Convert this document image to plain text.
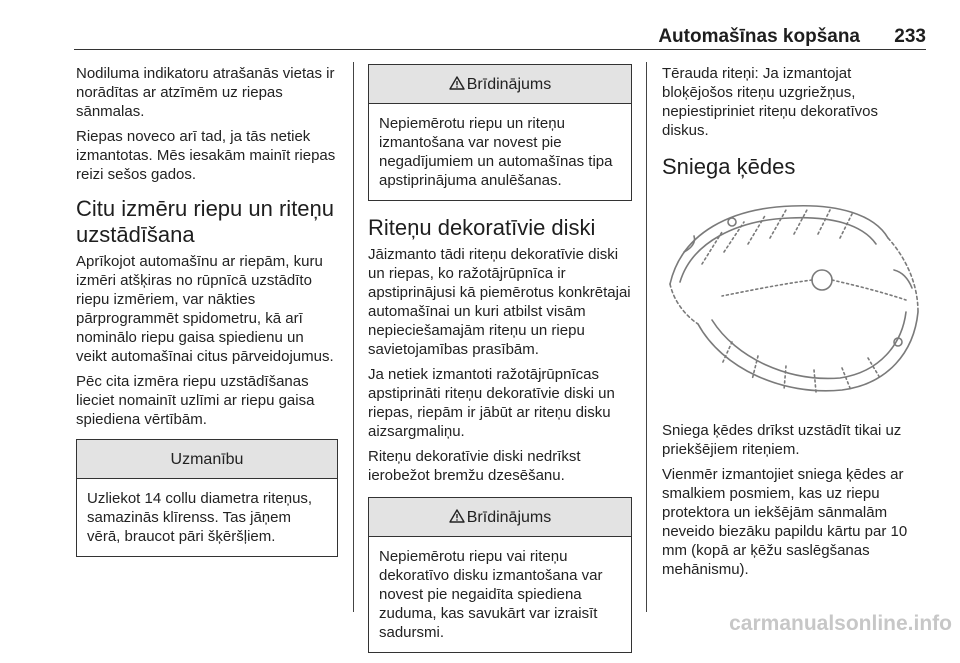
Automašīnas kopšana 233

Nodiluma indikatoru atrašanās vietas ir norādītas ar atzīmēm uz riepas sānmalas.

Riepas noveco arī tad, ja tās netiek izmantotas. Mēs iesakām mainīt riepas reizi sešos gados.

Citu izmēru riepu un riteņu uzstādīšana

Aprīkojot automašīnu ar riepām, kuru izmēri atšķiras no rūpnīcā uzstādīto riepu izmēriem, var nākties pārprogrammēt spidometru, kā arī nominālo riepu gaisa spiedienu un veikt automašīnai citus pārveidojumus.

Pēc cita izmēra riepu uzstādīšanas lieciet nomainīt uzlīmi ar riepu gaisa spiediena vērtībām.

Uzmanību
Uzliekot 14 collu diametra riteņus, samazinās klīrenss. Tas jāņem vērā, braucot pāri šķēršļiem.
Brīdinājums
Nepiemērotu riepu un riteņu izmantošana var novest pie negadījumiem un automašīnas tipa apstiprinājuma anulēšanas.
Riteņu dekoratīvie diski

Jāizmanto tādi riteņu dekoratīvie diski un riepas, ko ražotājrūpnīca ir apstiprinājusi kā piemērotus konkrētajai automašīnai un kuri atbilst visām nepieciešamajām riteņu un riepu savietojamības prasībām.

Ja netiek izmantoti ražotājrūpnīcas apstiprināti riteņu dekoratīvie diski un riepas, riepām ir jābūt ar riteņu disku aizsargmaliņu.

Riteņu dekoratīvie diski nedrīkst ierobežot bremžu dzesēšanu.

Brīdinājums
Nepiemērotu riepu vai riteņu dekoratīvo disku izmantošana var novest pie negaidīta spiediena zuduma, kas savukārt var izraisīt sadursmi.

Tērauda riteņi: Ja izmantojat bloķējošos riteņu uzgriežņus, nepiestipriniet riteņu dekoratīvos diskus.

Sniega ķēdes

Sniega ķēdes drīkst uzstādīt tikai uz priekšējiem riteņiem.

Vienmēr izmantojiet sniega ķēdes ar smalkiem posmiem, kas uz riepu protektora un iekšējām sānmalām neveido biezāku papildu kārtu par 10 mm (kopā ar ķēžu saslēgšanas mehānismu).

carmanualsonline.info
